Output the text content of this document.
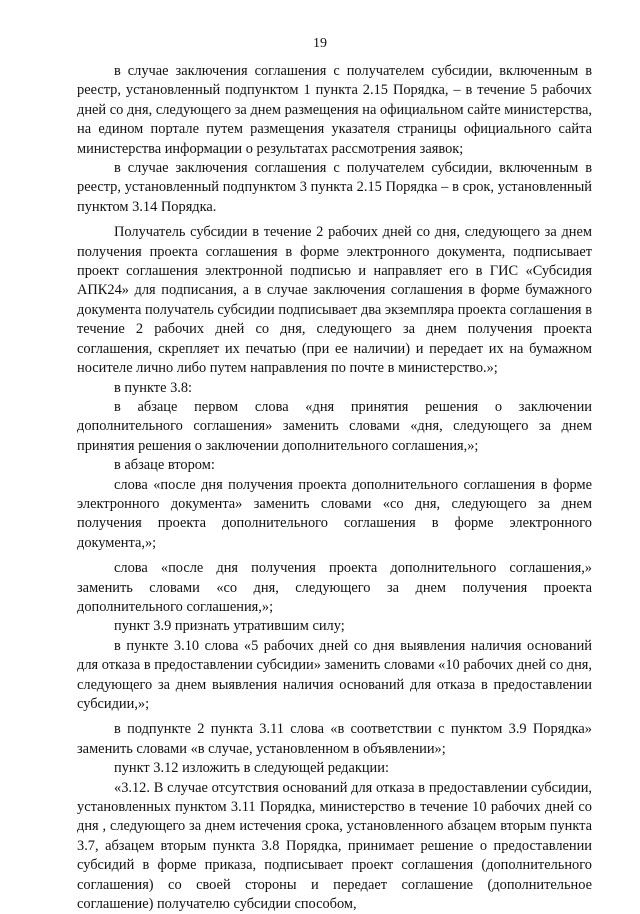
19

в случае заключения соглашения с получателем субсидии, включенным в реестр, установленный подпунктом 1 пункта 2.15 Порядка, – в течение 5 рабочих дней со дня, следующего за днем размещения на официальном сайте министерства, на едином портале путем размещения указателя страницы официального сайта министерства информации о результатах рассмотрения заявок;

в случае заключения соглашения с получателем субсидии, включенным в реестр, установленный подпунктом 3 пункта 2.15 Порядка – в срок, установленный пунктом 3.14 Порядка.

Получатель субсидии в течение 2 рабочих дней со дня, следующего за днем получения проекта соглашения в форме электронного документа, подписывает проект соглашения электронной подписью и направляет его в ГИС «Субсидия АПК24» для подписания, а в случае заключения соглашения в форме бумажного документа получатель субсидии подписывает два экземпляра проекта соглашения в течение 2 рабочих дней со дня, следующего за днем получения проекта соглашения, скрепляет их печатью (при ее наличии) и передает их на бумажном носителе лично либо путем направления по почте в министерство.»;

в пункте 3.8:

в абзаце первом слова «дня принятия решения о заключении дополнительного соглашения» заменить словами «дня, следующего за днем принятия решения о заключении дополнительного соглашения,»;

в абзаце втором:

слова «после дня получения проекта дополнительного соглашения в форме электронного документа» заменить словами «со дня, следующего за днем получения проекта дополнительного соглашения в форме электронного документа,»;

слова «после дня получения проекта дополнительного соглашения,» заменить словами «со дня, следующего за днем получения проекта дополнительного соглашения,»;

пункт 3.9 признать утратившим силу;

в пункте 3.10 слова «5 рабочих дней со дня выявления наличия оснований для отказа в предоставлении субсидии» заменить словами «10 рабочих дней со дня, следующего за днем выявления наличия оснований для отказа в предоставлении субсидии,»;

в подпункте 2 пункта 3.11 слова «в соответствии с пунктом 3.9 Порядка» заменить словами «в случае, установленном в объявлении»;

пункт 3.12 изложить в следующей редакции:

«3.12. В случае отсутствия оснований для отказа в предоставлении субсидии, установленных пунктом 3.11 Порядка, министерство в течение 10 рабочих дней со дня , следующего за днем истечения срока, установленного абзацем вторым пункта 3.7, абзацем вторым пункта 3.8 Порядка, принимает решение о предоставлении субсидий в форме приказа, подписывает проект соглашения (дополнительного соглашения) со своей стороны и передает соглашение (дополнительное соглашение) получателю субсидии способом,
